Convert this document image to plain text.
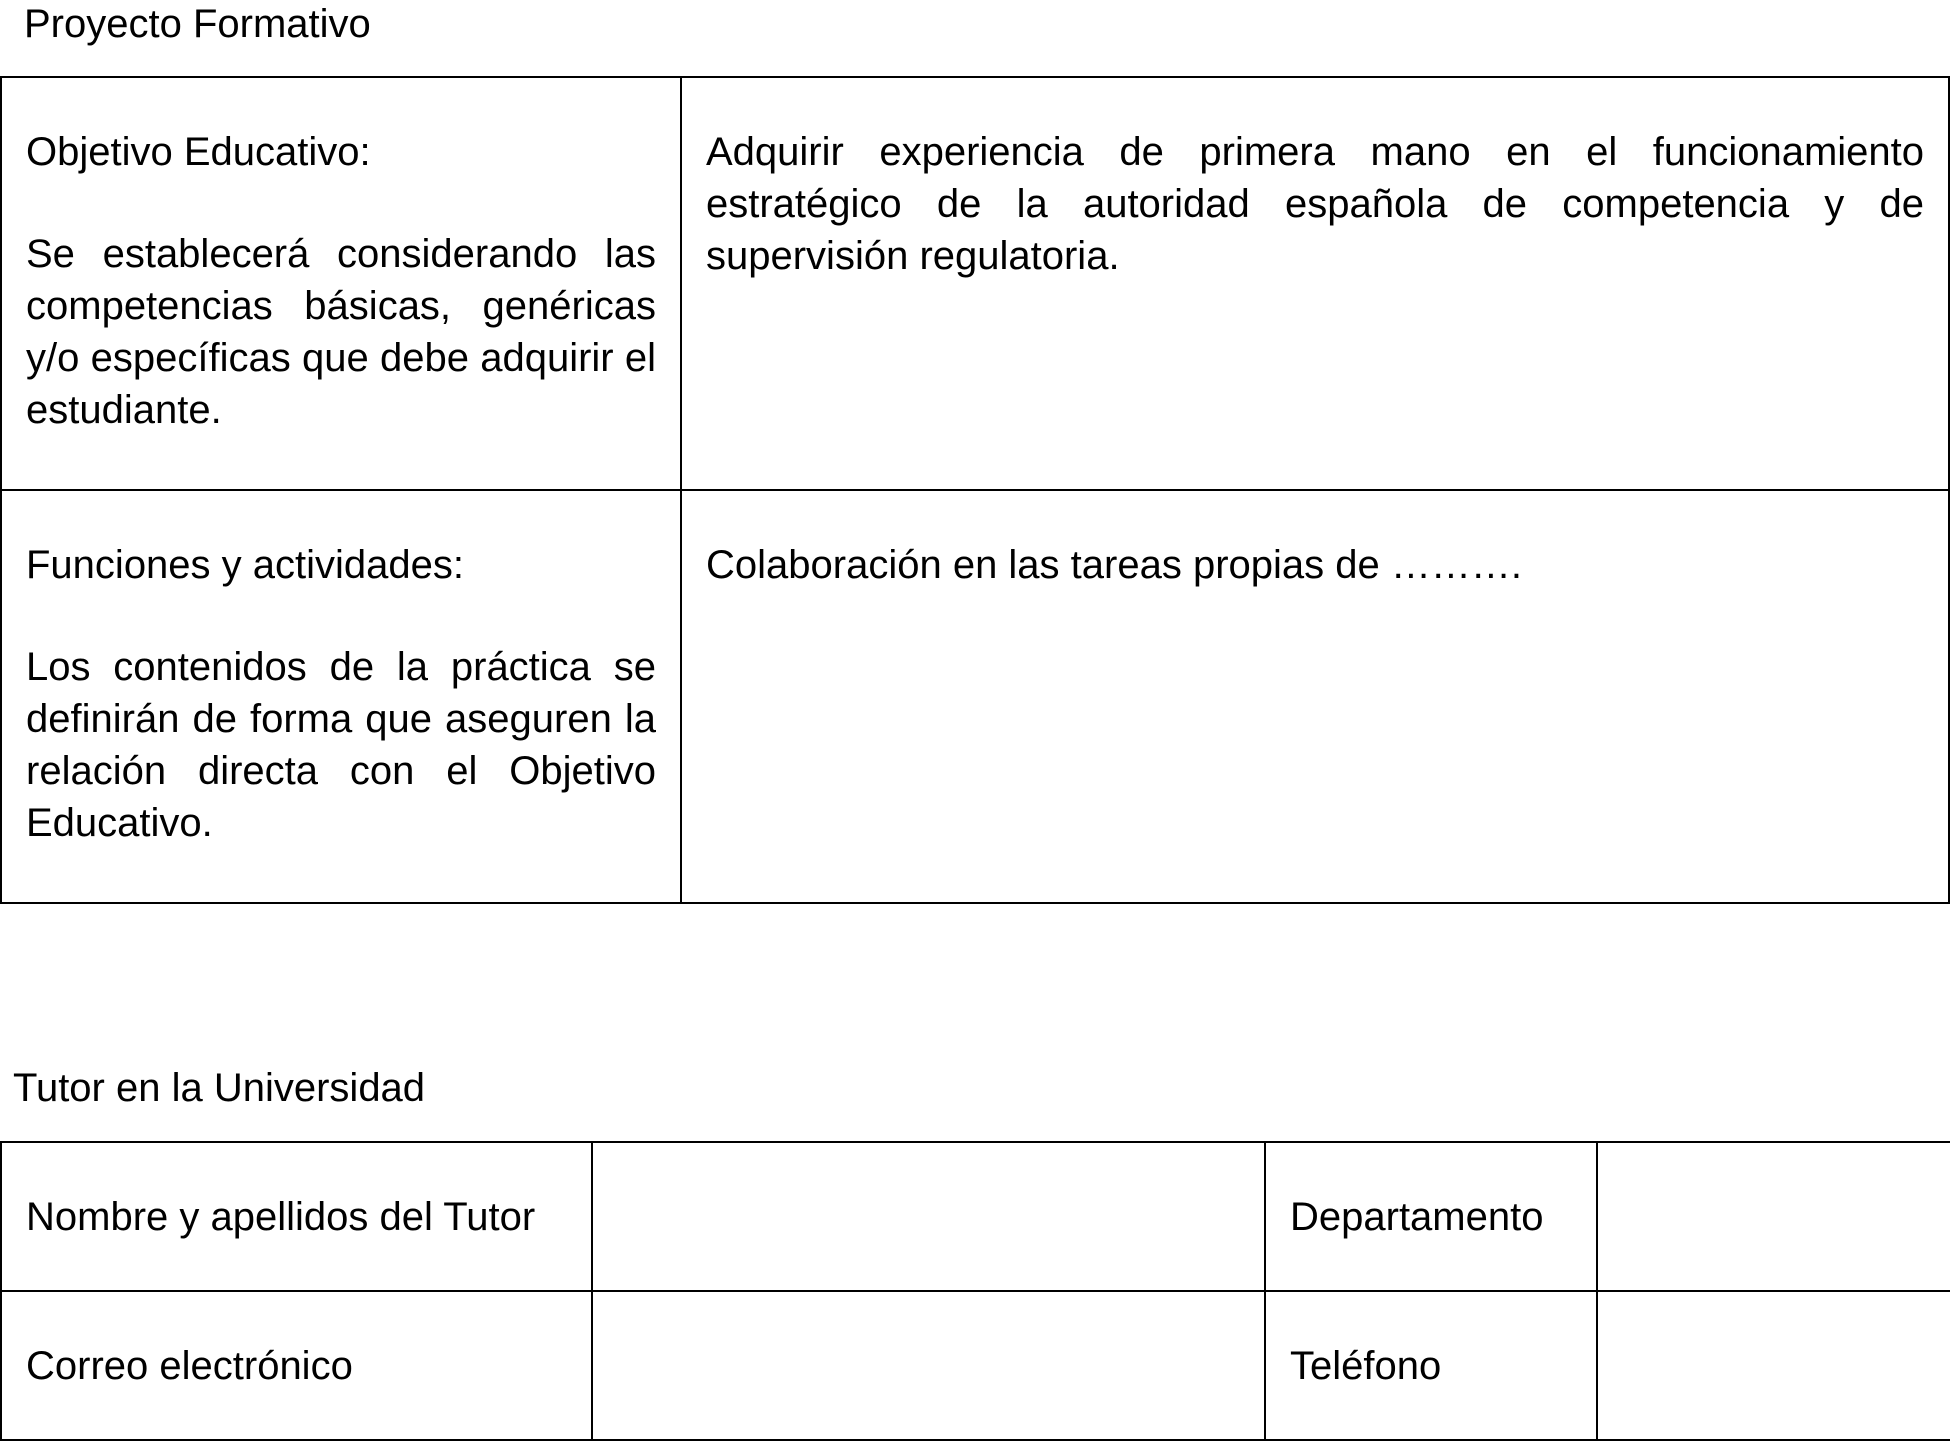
Proyecto Formativo
Objetivo Educativo:
Se establecerá considerando las competencias básicas, genéricas y/o específicas que debe adquirir el estudiante.	Adquirir experiencia de primera mano en el funcionamiento estratégico de la autoridad española de competencia y de supervisión regulatoria.

Funciones y actividades:
Los contenidos de la práctica se definirán de forma que aseguren la relación directa con el Objetivo Educativo.	Colaboración en las tareas propias de ……….
Tutor en la Universidad
Nombre y apellidos del Tutor		Departamento	
Correo electrónico		Teléfono	
